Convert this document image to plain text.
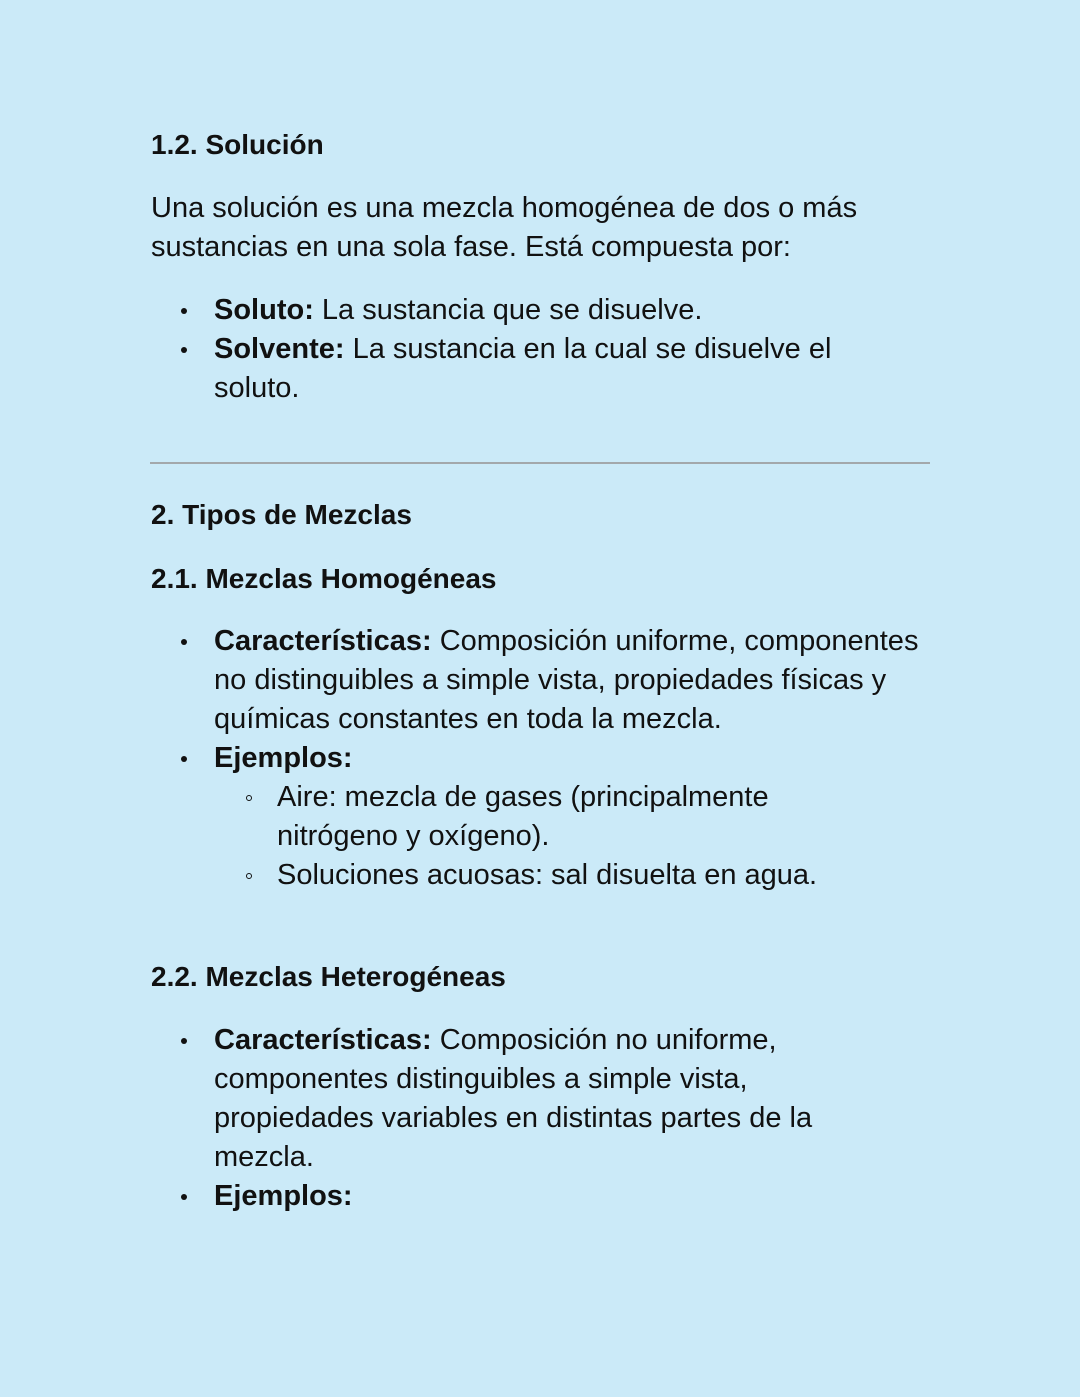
1.2. Solución

Una solución es una mezcla homogénea de dos o más sustancias en una sola fase. Está compuesta por:

Soluto: La sustancia que se disuelve.
Solvente: La sustancia en la cual se disuelve el soluto.
2. Tipos de Mezclas
2.1. Mezclas Homogéneas
Características: Composición uniforme, componentes no distinguibles a simple vista, propiedades físicas y químicas constantes en toda la mezcla.
Ejemplos:
Aire: mezcla de gases (principalmente nitrógeno y oxígeno).
Soluciones acuosas: sal disuelta en agua.
2.2. Mezclas Heterogéneas
Características: Composición no uniforme, componentes distinguibles a simple vista, propiedades variables en distintas partes de la mezcla.
Ejemplos:
